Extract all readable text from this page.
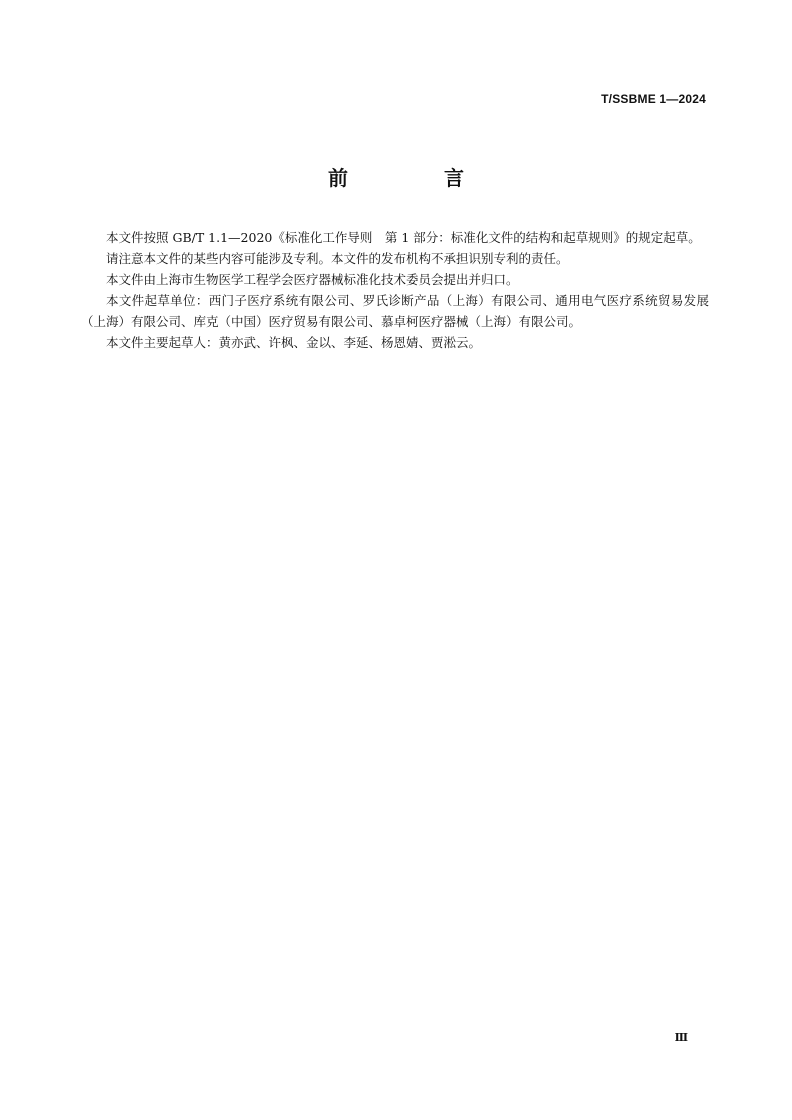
T/SSBME 1—2024
前　言

本文件按照 GB/T 1.1—2020《标准化工作导则　第 1 部分：标准化文件的结构和起草规则》的规定起草。

请注意本文件的某些内容可能涉及专利。本文件的发布机构不承担识别专利的责任。

本文件由上海市生物医学工程学会医疗器械标准化技术委员会提出并归口。

本文件起草单位：西门子医疗系统有限公司、罗氏诊断产品（上海）有限公司、通用电气医疗系统贸易发展（上海）有限公司、库克（中国）医疗贸易有限公司、慕卓柯医疗器械（上海）有限公司。

本文件主要起草人：黄亦武、许枫、金以、李延、杨恩婧、贾淞云。

Ⅲ
